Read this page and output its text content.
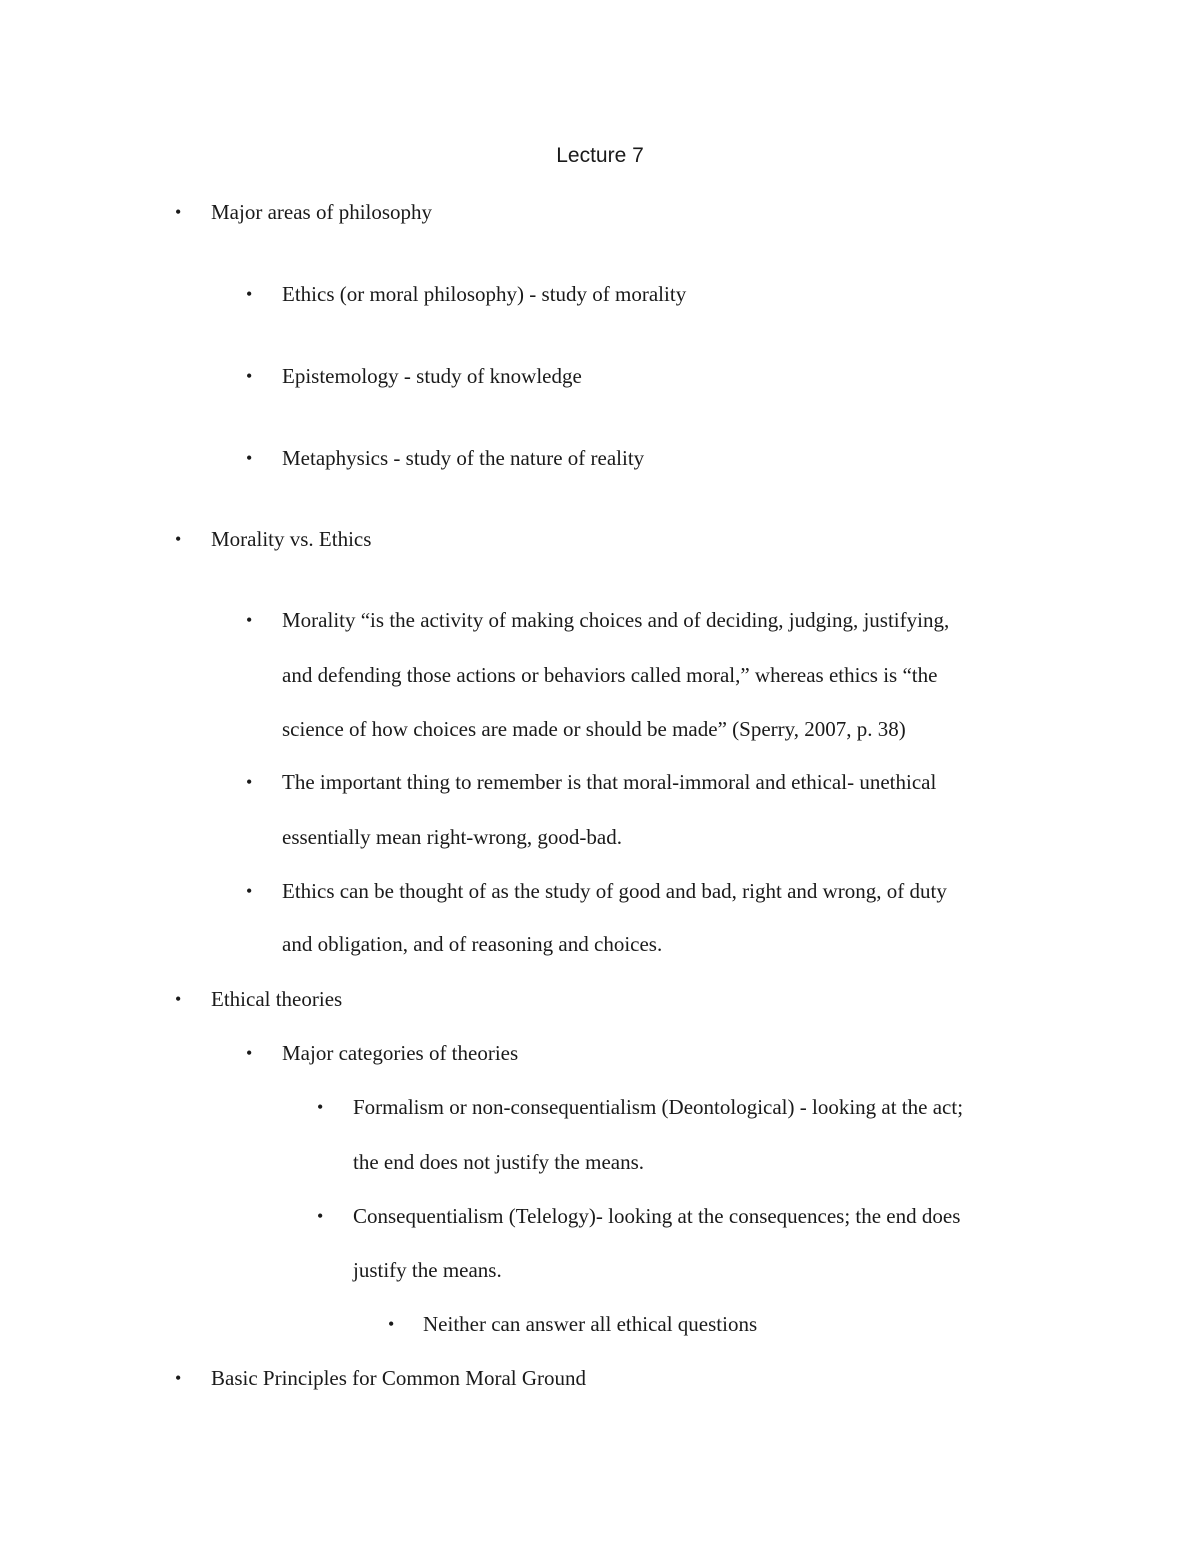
Lecture 7
• Major areas of philosophy
• Ethics (or moral philosophy) - study of morality
• Epistemology - study of knowledge
• Metaphysics - study of the nature of reality
• Morality vs. Ethics
• Morality “is the activity of making choices and of deciding, judging, justifying,
and defending those actions or behaviors called moral,” whereas ethics is “the
science of how choices are made or should be made” (Sperry, 2007, p. 38)
• The important thing to remember is that moral-immoral and ethical- unethical
essentially mean right-wrong, good-bad.
• Ethics can be thought of as the study of good and bad, right and wrong, of duty
and obligation, and of reasoning and choices.
• Ethical theories
• Major categories of theories
• Formalism or non-consequentialism (Deontological) - looking at the act;
the end does not justify the means.
• Consequentialism (Telelogy)- looking at the consequences; the end does
justify the means.
• Neither can answer all ethical questions
• Basic Principles for Common Moral Ground
